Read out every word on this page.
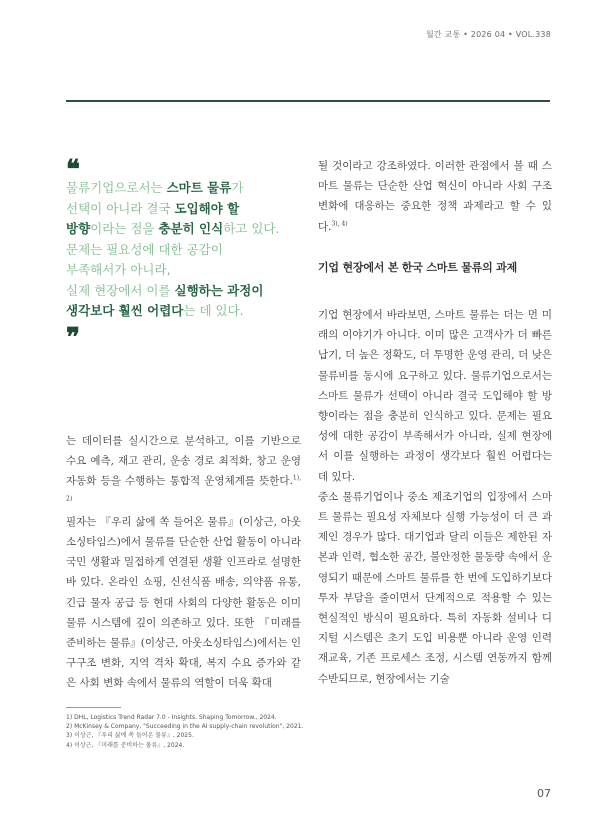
월간 교통 • 2026 04 • VOL.338
❝

물류기업으로서는 스마트 물류가

선택이 아니라 결국 도입해야 할

방향이라는 점을 충분히 인식하고 있다.

문제는 필요성에 대한 공감이

부족해서가 아니라,

실제 현장에서 이를 실행하는 과정이

생각보다 훨씬 어렵다는 데 있다.

❞

는 데이터를 실시간으로 분석하고, 이를 기반으로 수요 예측, 재고 관리, 운송 경로 최적화, 창고 운영 자동화 등을 수행하는 통합적 운영체계를 뜻한다.$^{1), 2)}$

필자는 『우리 삶에 쏙 들어온 물류』(이상근, 아웃소싱타임스)에서 물류를 단순한 산업 활동이 아니라 국민 생활과 밀접하게 연결된 생활 인프라로 설명한 바 있다. 온라인 쇼핑, 신선식품 배송, 의약품 유통, 긴급 물자 공급 등 현대 사회의 다양한 활동은 이미 물류 시스템에 깊이 의존하고 있다. 또한 『미래를 준비하는 물류』(이상근, 아웃소싱타임스)에서는 인구구조 변화, 지역 격차 확대, 복지 수요 증가와 같은 사회 변화 속에서 물류의 역할이 더욱 확대

될 것이라고 강조하였다. 이러한 관점에서 볼 때 스마트 물류는 단순한 산업 혁신이 아니라 사회 구조 변화에 대응하는 중요한 정책 과제라고 할 수 있다.$^{3), 4)}$

기업 현장에서 본 한국 스마트 물류의 과제

기업 현장에서 바라보면, 스마트 물류는 더는 먼 미래의 이야기가 아니다. 이미 많은 고객사가 더 빠른 납기, 더 높은 정확도, 더 투명한 운영 관리, 더 낮은 물류비를 동시에 요구하고 있다. 물류기업으로서는 스마트 물류가 선택이 아니라 결국 도입해야 할 방향이라는 점을 충분히 인식하고 있다. 문제는 필요성에 대한 공감이 부족해서가 아니라, 실제 현장에서 이를 실행하는 과정이 생각보다 훨씬 어렵다는 데 있다.

중소 물류기업이나 중소 제조기업의 입장에서 스마트 물류는 필요성 자체보다 실행 가능성이 더 큰 과제인 경우가 많다. 대기업과 달리 이들은 제한된 자본과 인력, 협소한 공간, 불안정한 물동량 속에서 운영되기 때문에 스마트 물류를 한 번에 도입하기보다 투자 부담을 줄이면서 단계적으로 적용할 수 있는 현실적인 방식이 필요하다. 특히 자동화 설비나 디지털 시스템은 초기 도입 비용뿐 아니라 운영 인력 재교육, 기존 프로세스 조정, 시스템 연동까지 함께 수반되므로, 현장에서는 기술

1) DHL, Logistics Trend Radar 7.0 - Insights. Shaping Tomorrow., 2024.
2) McKinsey & Company, "Succeeding in the AI supply-chain revolution", 2021.
3) 이상근, 『우리 삶에 쏙 들어온 물류』, 2025.
4) 이상근, 『미래를 준비하는 물류』, 2024.
07
